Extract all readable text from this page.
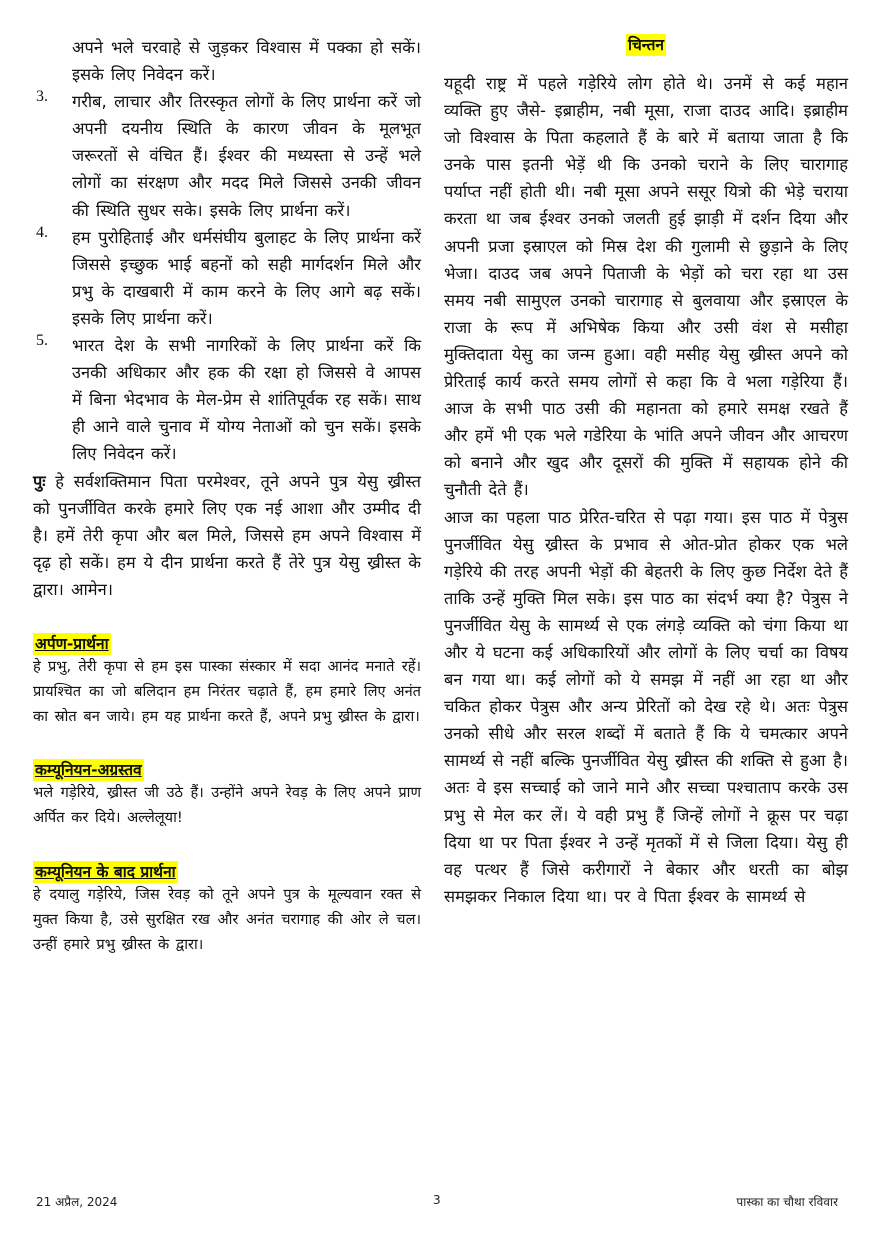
अपने भले चरवाहे से जुड़कर विश्वास में पक्का हो सकें। इसके लिए निवेदन करें।

3. गरीब, लाचार और तिरस्कृत लोगों के लिए प्रार्थना करें जो अपनी दयनीय स्थिति के कारण जीवन के मूलभूत जरूरतों से वंचित हैं। ईश्वर की मध्यस्ता से उन्हें भले लोगों का संरक्षण और मदद मिले जिससे उनकी जीवन की स्थिति सुधर सके। इसके लिए प्रार्थना करें।

4. हम पुरोहिताई और धर्मसंघीय बुलाहट के लिए प्रार्थना करें जिससे इच्छुक भाई बहनों को सही मार्गदर्शन मिले और प्रभु के दाखबारी में काम करने के लिए आगे बढ़ सकें। इसके लिए प्रार्थना करें।

5. भारत देश के सभी नागरिकों के लिए प्रार्थना करें कि उनकी अधिकार और हक की रक्षा हो जिससे वे आपस में बिना भेदभाव के मेल-प्रेम से शांतिपूर्वक रह सकें। साथ ही आने वाले चुनाव में योग्य नेताओं को चुन सकें। इसके लिए निवेदन करें।

पुः हे सर्वशक्तिमान पिता परमेश्वर, तूने अपने पुत्र येसु ख्रीस्त को पुनर्जीवित करके हमारे लिए एक नई आशा और उम्मीद दी है। हमें तेरी कृपा और बल मिले, जिससे हम अपने विश्वास में दृढ़ हो सकें। हम ये दीन प्रार्थना करते हैं तेरे पुत्र येसु ख्रीस्त के द्वारा। आमेन।

अर्पण-प्रार्थना

हे प्रभु, तेरी कृपा से हम इस पास्का संस्कार में सदा आनंद मनाते रहें। प्रायश्चित का जो बलिदान हम निरंतर चढ़ाते हैं, हम हमारे लिए अनंत का स्रोत बन जाये। हम यह प्रार्थना करते हैं, अपने प्रभु ख्रीस्त के द्वारा।

कम्यूनियन-अग्रस्तव

भले गड़ेरिये, ख्रीस्त जी उठे हैं। उन्होंने अपने रेवड़ के लिए अपने प्राण अर्पित कर दिये। अल्लेलूया!

कम्यूनियन के बाद प्रार्थना

हे दयालु गड़ेरिये, जिस रेवड़ को तूने अपने पुत्र के मूल्यवान रक्त से मुक्त किया है, उसे सुरक्षित रख और अनंत चरागाह की ओर ले चल। उन्हीं हमारे प्रभु ख्रीस्त के द्वारा।

चिन्तन

यहूदी राष्ट्र में पहले गड़ेरिये लोग होते थे। उनमें से कई महान व्यक्ति हुए जैसे- इब्राहीम, नबी मूसा, राजा दाउद आदि। इब्राहीम जो विश्वास के पिता कहलाते हैं के बारे में बताया जाता है कि उनके पास इतनी भेड़ें थी कि उनको चराने के लिए चारागाह पर्याप्त नहीं होती थी। नबी मूसा अपने ससूर यित्रो की भेड़े चराया करता था जब ईश्वर उनको जलती हुई झाड़ी में दर्शन दिया और अपनी प्रजा इस्राएल को मिस्र देश की गुलामी से छुड़ाने के लिए भेजा। दाउद जब अपने पिताजी के भेड़ों को चरा रहा था उस समय नबी सामुएल उनको चारागाह से बुलवाया और इस्राएल के राजा के रूप में अभिषेक किया और उसी वंश से मसीहा मुक्तिदाता येसु का जन्म हुआ। वही मसीह येसु ख्रीस्त अपने को प्रेरिताई कार्य करते समय लोगों से कहा कि वे भला गड़ेरिया हैं। आज के सभी पाठ उसी की महानता को हमारे समक्ष रखते हैं और हमें भी एक भले गडेरिया के भांति अपने जीवन और आचरण को बनाने और खुद और दूसरों की मुक्ति में सहायक होने की चुनौती देते हैं।

आज का पहला पाठ प्रेरित-चरित से पढ़ा गया। इस पाठ में पेत्रुस पुनर्जीवित येसु ख्रीस्त के प्रभाव से ओत-प्रोत होकर एक भले गड़ेरिये की तरह अपनी भेड़ों की बेहतरी के लिए कुछ निर्देश देते हैं ताकि उन्हें मुक्ति मिल सके। इस पाठ का संदर्भ क्या है? पेत्रुस ने पुनर्जीवित येसु के सामर्थ्य से एक लंगड़े व्यक्ति को चंगा किया था और ये घटना कई अधिकारियों और लोगों के लिए चर्चा का विषय बन गया था। कई लोगों को ये समझ में नहीं आ रहा था और चकित होकर पेत्रुस और अन्य प्रेरितों को देख रहे थे। अतः पेत्रुस उनको सीधे और सरल शब्दों में बताते हैं कि ये चमत्कार अपने सामर्थ्य से नहीं बल्कि पुनर्जीवित येसु ख्रीस्त की शक्ति से हुआ है। अतः वे इस सच्चाई को जाने माने और सच्चा पश्चाताप करके उस प्रभु से मेल कर लें। ये वही प्रभु हैं जिन्हें लोगों ने क्रूस पर चढ़ा दिया था पर पिता ईश्वर ने उन्हें मृतकों में से जिला दिया। येसु ही वह पत्थर हैं जिसे करीगारों ने बेकार और धरती का बोझ समझकर निकाल दिया था। पर वे पिता ईश्वर के सामर्थ्य से

21 अप्रैल, 2024	3	पास्का का चौथा रविवार
